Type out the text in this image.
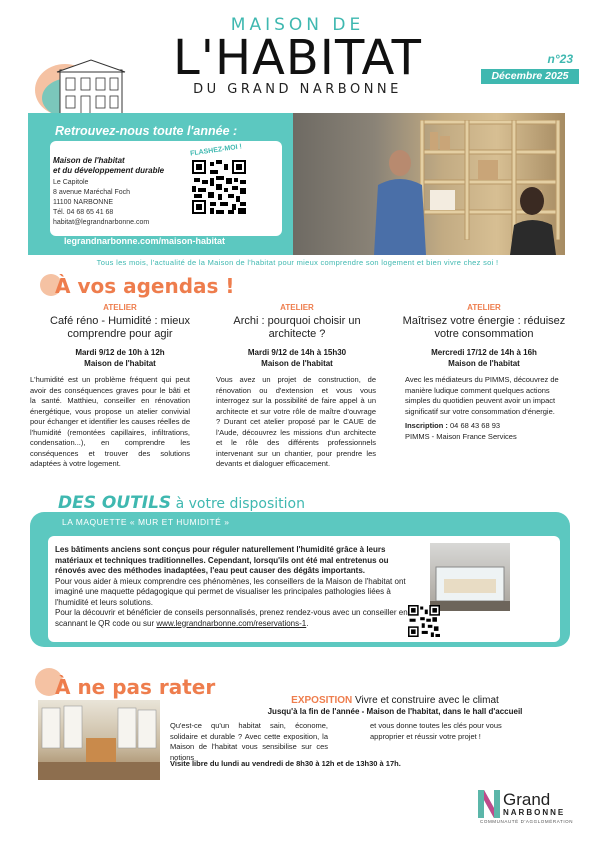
MAISON DE
L'HABITAT
DU GRAND NARBONNE
n°23
Décembre 2025
Retrouvez-nous toute l'année :
Maison de l'habitat
et du développement durable
Le Capitole
8 avenue Maréchal Foch
11100 NARBONNE
Tél. 04 68 65 41 68
habitat@legrandnarbonne.com
FLASHEZ-MOI !
legrandnarbonne.com/maison-habitat
Tous les mois, l'actualité de la Maison de l'habitat pour mieux comprendre son logement et bien vivre chez soi !
À vos agendas !
ATELIER
Café réno - Humidité : mieux comprendre pour agir
Mardi 9/12 de 10h à 12h
Maison de l'habitat
ATELIER
Archi : pourquoi choisir un architecte ?
Mardi 9/12 de 14h à 15h30
Maison de l'habitat
ATELIER
Maîtrisez votre énergie : réduisez votre consommation
Mercredi 17/12 de 14h à 16h
Maison de l'habitat
L'humidité est un problème fréquent qui peut avoir des conséquences graves pour le bâti et la santé. Matthieu, conseiller en rénovation énergétique, vous propose un atelier convivial pour échanger et identifier les causes réelles de l'humidité (remontées capillaires, infiltrations, condensation...), en comprendre les conséquences et trouver des solutions adaptées à votre logement.
Vous avez un projet de construction, de rénovation ou d'extension et vous vous interrogez sur la possibilité de faire appel à un architecte et sur votre rôle de maître d'ouvrage ? Durant cet atelier proposé par le CAUE de l'Aude, découvrez les missions d'un architecte et le rôle des différents professionnels intervenant sur un chantier, pour prendre les devants et dialoguer efficacement.
Avec les médiateurs du PIMMS, découvrez de manière ludique comment quelques actions simples du quotidien peuvent avoir un impact significatif sur votre consommation d'énergie.
Inscription : 04 68 43 68 93
PIMMS - Maison France Services
DES OUTILS à votre disposition
LA MAQUETTE « MUR ET HUMIDITÉ »
Les bâtiments anciens sont conçus pour réguler naturellement l'humidité grâce à leurs matériaux et techniques traditionnelles. Cependant, lorsqu'ils ont été mal entretenus ou rénovés avec des méthodes inadaptées, l'eau peut causer des dégâts importants.
Pour vous aider à mieux comprendre ces phénomènes, les conseillers de la Maison de l'habitat ont imaginé une maquette pédagogique qui permet de visualiser les principales pathologies liées à l'humidité et leurs solutions.
Pour la découvrir et bénéficier de conseils personnalisés, prenez rendez-vous avec un conseiller en scannant le QR code ou sur www.legrandnarbonne.com/reservations-1.
À ne pas rater
EXPOSITION Vivre et construire avec le climat
Jusqu'à la fin de l'année - Maison de l'habitat, dans le hall d'accueil
Qu'est-ce qu'un habitat sain, économe, solidaire et durable ? Avec cette exposition, la Maison de l'habitat vous sensibilise sur ces notions
et vous donne toutes les clés pour vous approprier et réussir votre projet !
Visite libre du lundi au vendredi de 8h30 à 12h et de 13h30 à 17h.
Grand
NARBONNE
COMMUNAUTÉ D'AGGLOMÉRATION
